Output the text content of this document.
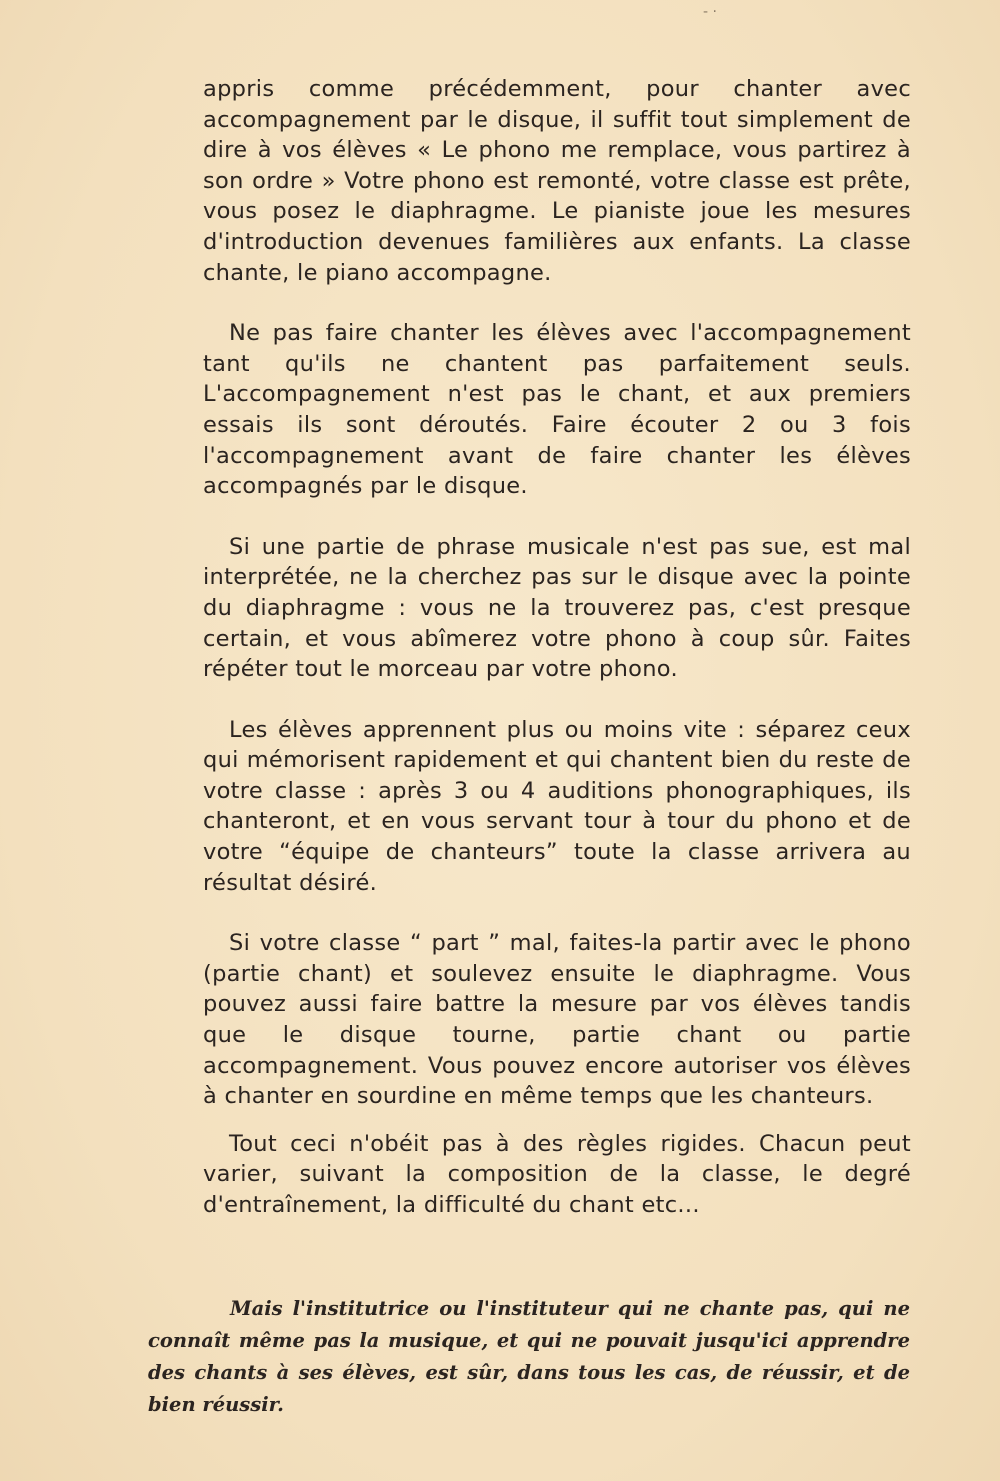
- ·

appris comme précédemment, pour chanter avec accompagnement par le disque, il suffit tout simplement de dire à vos élèves « Le phono me remplace, vous partirez à son ordre » Votre phono est remonté, votre classe est prête, vous posez le diaphragme. Le pianiste joue les mesures d'introduction devenues familières aux enfants. La classe chante, le piano accompagne.

Ne pas faire chanter les élèves avec l'accompagnement tant qu'ils ne chantent pas parfaitement seuls. L'accompagnement n'est pas le chant, et aux premiers essais ils sont déroutés. Faire écouter 2 ou 3 fois l'accompagnement avant de faire chanter les élèves accompagnés par le disque.

Si une partie de phrase musicale n'est pas sue, est mal interprétée, ne la cherchez pas sur le disque avec la pointe du diaphragme : vous ne la trouverez pas, c'est presque certain, et vous abîmerez votre phono à coup sûr. Faites répéter tout le morceau par votre phono.

Les élèves apprennent plus ou moins vite : séparez ceux qui mémorisent rapidement et qui chantent bien du reste de votre classe : après 3 ou 4 auditions phonographiques, ils chanteront, et en vous servant tour à tour du phono et de votre “équipe de chanteurs” toute la classe arrivera au résultat désiré.

Si votre classe “ part ” mal, faites-la partir avec le phono (partie chant) et soulevez ensuite le diaphragme. Vous pouvez aussi faire battre la mesure par vos élèves tandis que le disque tourne, partie chant ou partie accompagnement. Vous pouvez encore autoriser vos élèves à chanter en sourdine en même temps que les chanteurs.

Tout ceci n'obéit pas à des règles rigides. Chacun peut varier, suivant la composition de la classe, le degré d'entraînement, la difficulté du chant etc...

Mais l'institutrice ou l'instituteur qui ne chante pas, qui ne connaît même pas la musique, et qui ne pouvait jusqu'ici apprendre des chants à ses élèves, est sûr, dans tous les cas, de réussir, et de bien réussir.
